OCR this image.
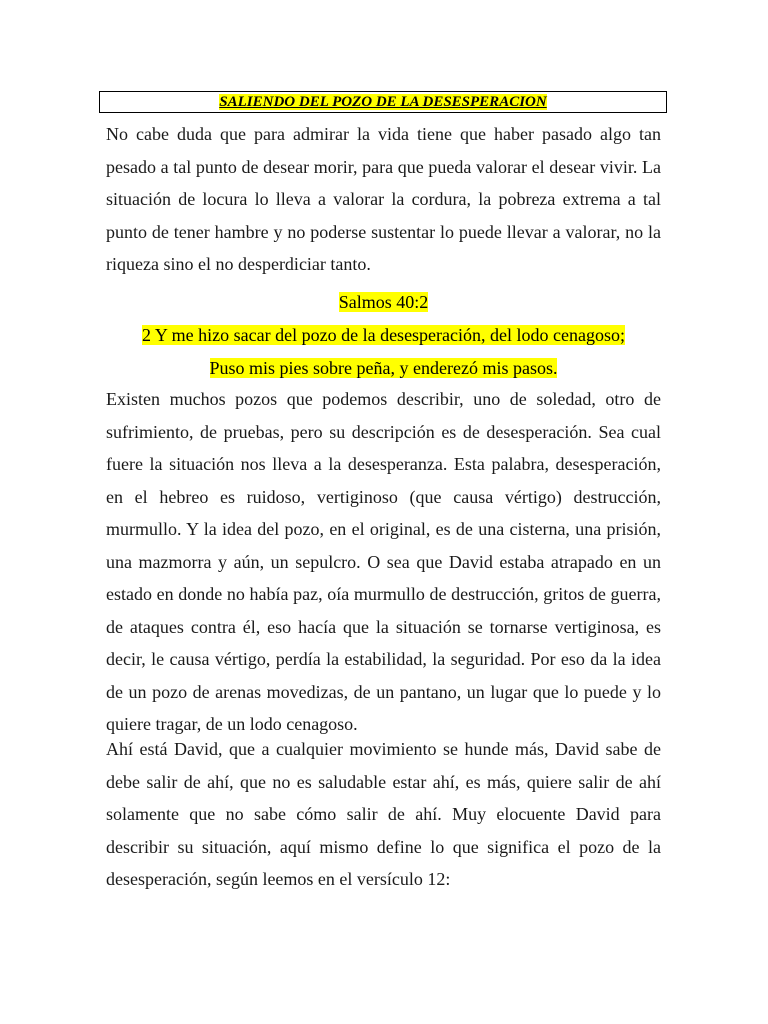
SALIENDO DEL POZO DE LA DESESPERACION

No cabe duda que para admirar la vida tiene que haber pasado algo tan pesado a tal punto de desear morir, para que pueda valorar el desear vivir. La situación de locura lo lleva a valorar la cordura, la pobreza extrema a tal punto de tener hambre y no poderse sustentar lo puede llevar a valorar, no la riqueza sino el no desperdiciar tanto.

Salmos 40:2

2 Y me hizo sacar del pozo de la desesperación, del lodo cenagoso;

Puso mis pies sobre peña, y enderezó mis pasos.

Existen muchos pozos que podemos describir, uno de soledad, otro de sufrimiento, de pruebas, pero su descripción es de desesperación. Sea cual fuere la situación nos lleva a la desesperanza. Esta palabra, desesperación, en el hebreo es ruidoso, vertiginoso (que causa vértigo) destrucción, murmullo. Y la idea del pozo, en el original, es de una cisterna, una prisión, una mazmorra y aún, un sepulcro. O sea que David estaba atrapado en un estado en donde no había paz, oía murmullo de destrucción, gritos de guerra, de ataques contra él, eso hacía que la situación se tornarse vertiginosa, es decir, le causa vértigo, perdía la estabilidad, la seguridad. Por eso da la idea de un pozo de arenas movedizas, de un pantano, un lugar que lo puede y lo quiere tragar, de un lodo cenagoso.

Ahí está David, que a cualquier movimiento se hunde más, David sabe de debe salir de ahí, que no es saludable estar ahí, es más, quiere salir de ahí solamente que no sabe cómo salir de ahí. Muy elocuente David para describir su situación, aquí mismo define lo que significa el pozo de la desesperación, según leemos en el versículo 12:
